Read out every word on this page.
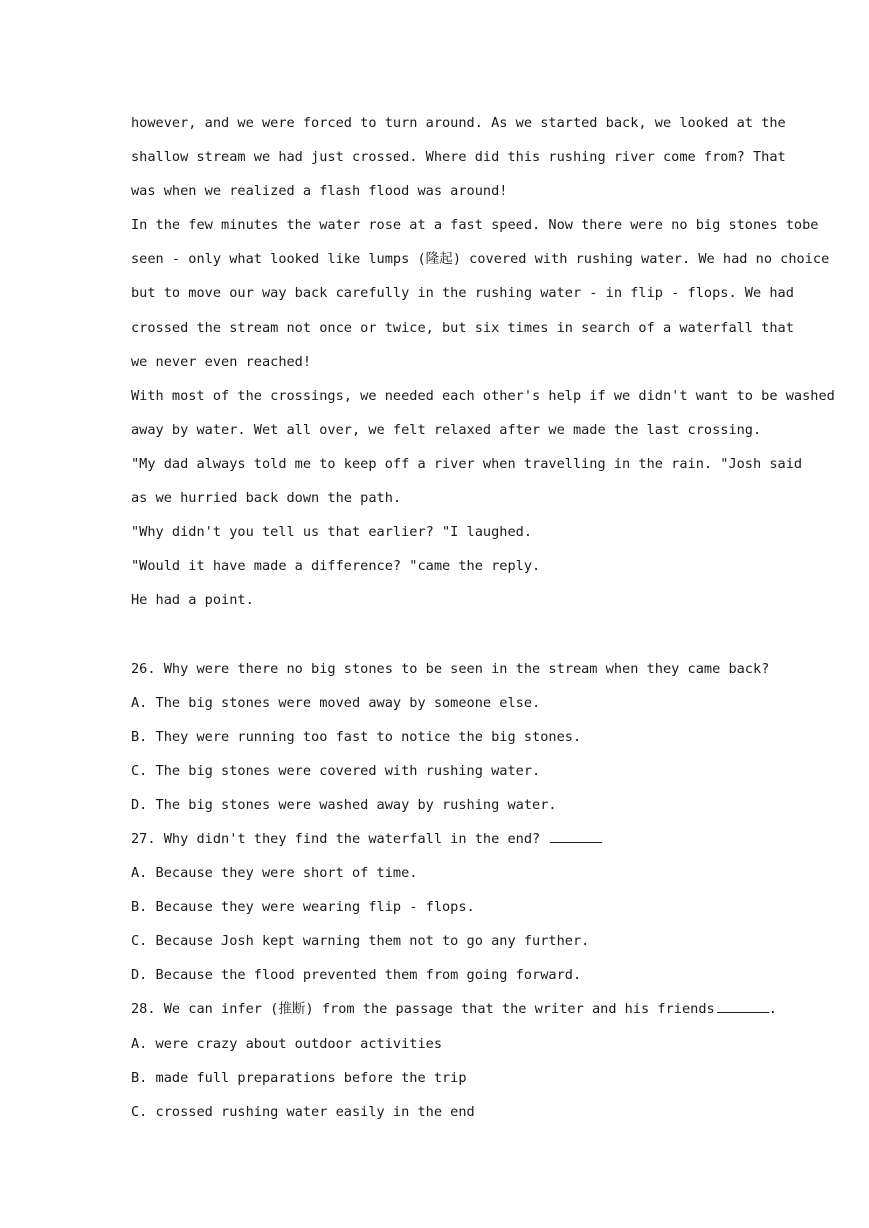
however, and we were forced to turn around. As we started back, we looked at the
shallow stream we had just crossed. Where did this rushing river come from? That
was when we realized a flash flood was around!
In the few minutes the water rose at a fast speed. Now there were no big stones tobe
seen - only what looked like lumps (隆起) covered with rushing water. We had no choice
but to move our way back carefully in the rushing water - in flip - flops. We had
crossed the stream not once or twice, but six times in search of a waterfall that
we never even reached!
With most of the crossings, we needed each other's help if we didn't want to be washed
away by water. Wet all over, we felt relaxed after we made the last crossing.
"My dad always told me to keep off a river when travelling in the rain. "Josh said
as we hurried back down the path.
"Why didn't you tell us that earlier? "I laughed.
"Would it have made a difference? "came the reply.
He had a point.
26. Why were there no big stones to be seen in the stream when they came back?
A. The big stones were moved away by someone else.
B. They were running too fast to notice the big stones.
C. The big stones were covered with rushing water.
D. The big stones were washed away by rushing water.
27. Why didn't they find the waterfall in the end?
A. Because they were short of time.
B. Because they were wearing flip - flops.
C. Because Josh kept warning them not to go any further.
D. Because the flood prevented them from going forward.
28. We can infer (推断) from the passage that the writer and his friends	.
A. were crazy about outdoor activities
B. made full preparations before the trip
C. crossed rushing water easily in the end
